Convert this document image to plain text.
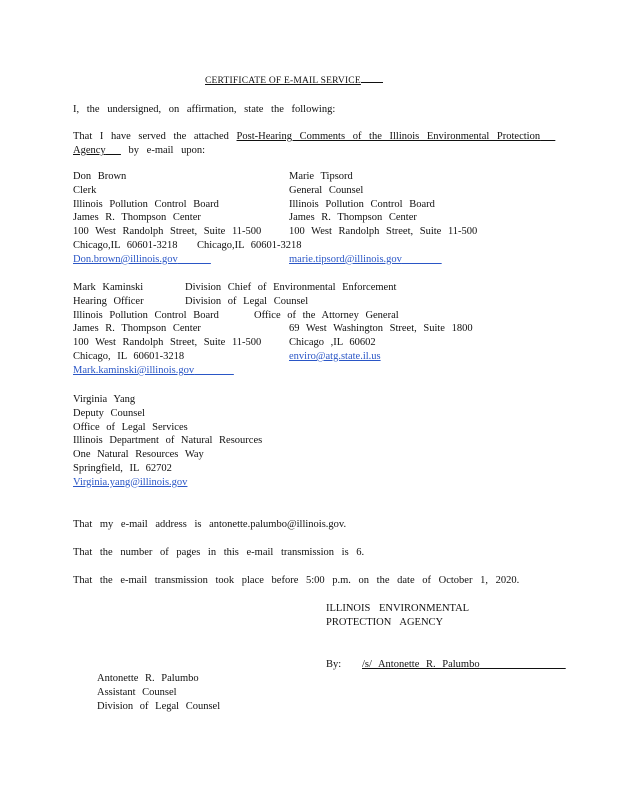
CERTIFICATE OF E-MAIL SERVICE
I, the undersigned, on affirmation, state the following:
That I have served the attached Post-Hearing Comments of the Illinois Environmental Protection
Agency   by e-mail upon:
Don Brown
Clerk
Illinois Pollution Control Board
James R. Thompson Center
100 West Randolph Street, Suite 11-500
Chicago,IL 60601-3218
Don.brown@illinois.gov
Marie Tipsord
General Counsel
Illinois Pollution Control Board
James R. Thompson Center
100 West Randolph Street, Suite 11-500
Chicago,IL 60601-3218
marie.tipsord@illinois.gov
Mark Kaminski
Hearing Officer
Illinois Pollution Control Board
James R. Thompson Center
100 West Randolph Street, Suite 11-500
Chicago, IL 60601-3218
Mark.kaminski@illinois.gov
Division Chief of Environmental Enforcement
Division of Legal Counsel
Office of the Attorney General
69 West Washington Street, Suite 1800
Chicago ,IL 60602
enviro@atg.state.il.us
Virginia Yang
Deputy Counsel
Office of Legal Services
Illinois Department of Natural Resources
One Natural Resources Way
Springfield, IL 62702
Virginia.yang@illinois.gov
That my e-mail address is antonette.palumbo@illinois.gov.
That the number of pages in this e-mail transmission is 6.
That the e-mail transmission took place before 5:00 p.m. on the date of October 1, 2020.
ILLINOIS ENVIRONMENTAL
PROTECTION AGENCY
By: /s/ Antonette R. Palumbo
Antonette R. Palumbo
Assistant Counsel
Division of Legal Counsel
